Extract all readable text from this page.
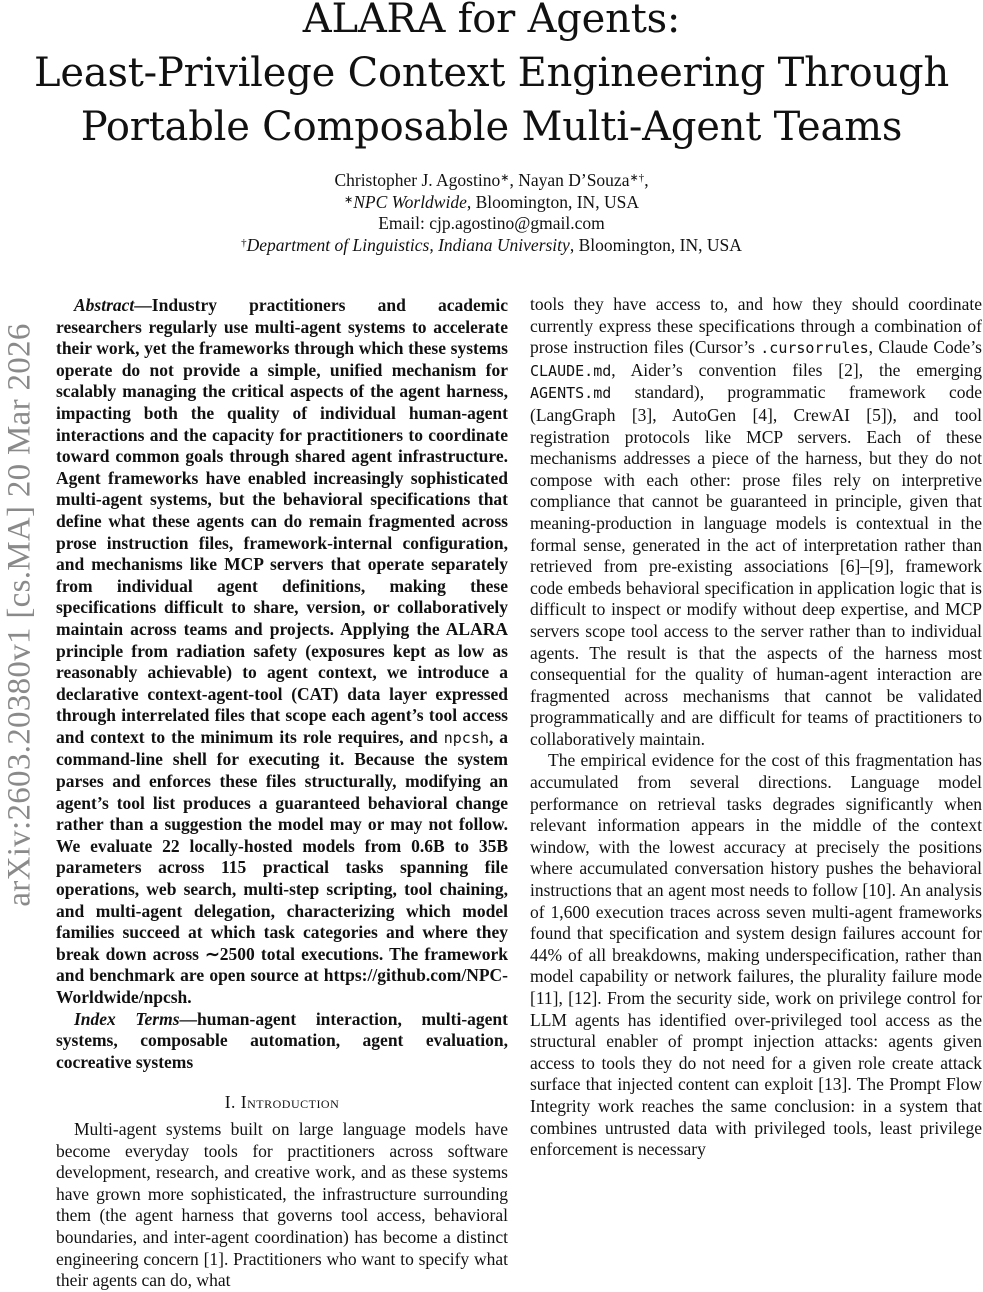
ALARA for Agents:
Least-Privilege Context Engineering Through
Portable Composable Multi-Agent Teams
Christopher J. Agostino∗, Nayan D’Souza∗†,
∗NPC Worldwide, Bloomington, IN, USA
Email: cjp.agostino@gmail.com
†Department of Linguistics, Indiana University, Bloomington, IN, USA
arXiv:2603.20380v1 [cs.MA] 20 Mar 2026

Abstract—Industry practitioners and academic researchers regularly use multi-agent systems to accelerate their work, yet the frameworks through which these systems operate do not provide a simple, unified mechanism for scalably managing the critical aspects of the agent harness, impacting both the quality of individual human-agent interactions and the capacity for practitioners to coordinate toward common goals through shared agent infrastructure. Agent frameworks have enabled increasingly sophisticated multi-agent systems, but the behavioral specifications that define what these agents can do remain fragmented across prose instruction files, framework-internal configuration, and mechanisms like MCP servers that operate separately from individual agent definitions, making these specifications difficult to share, version, or collaboratively maintain across teams and projects. Applying the ALARA principle from radiation safety (exposures kept as low as reasonably achievable) to agent context, we introduce a declarative context-agent-tool (CAT) data layer expressed through interrelated files that scope each agent’s tool access and context to the minimum its role requires, and npcsh, a command-line shell for executing it. Because the system parses and enforces these files structurally, modifying an agent’s tool list produces a guaranteed behavioral change rather than a suggestion the model may or may not follow. We evaluate 22 locally-hosted models from 0.6B to 35B parameters across 115 practical tasks spanning file operations, web search, multi-step scripting, tool chaining, and multi-agent delegation, characterizing which model families succeed at which task categories and where they break down across ∼2500 total executions. The framework and benchmark are open source at https://github.com/NPC-Worldwide/npcsh.

Index Terms—human-agent interaction, multi-agent systems, composable automation, agent evaluation, cocreative systems

I. Introduction

Multi-agent systems built on large language models have become everyday tools for practitioners across software development, research, and creative work, and as these systems have grown more sophisticated, the infrastructure surrounding them (the agent harness that governs tool access, behavioral boundaries, and inter-agent coordination) has become a distinct engineering concern [1]. Practitioners who want to specify what their agents can do, what

tools they have access to, and how they should coordinate currently express these specifications through a combination of prose instruction files (Cursor’s .cursorrules, Claude Code’s CLAUDE.md, Aider’s convention files [2], the emerging AGENTS.md standard), programmatic framework code (LangGraph [3], AutoGen [4], CrewAI [5]), and tool registration protocols like MCP servers. Each of these mechanisms addresses a piece of the harness, but they do not compose with each other: prose files rely on interpretive compliance that cannot be guaranteed in principle, given that meaning-production in language models is contextual in the formal sense, generated in the act of interpretation rather than retrieved from pre-existing associations [6]–[9], framework code embeds behavioral specification in application logic that is difficult to inspect or modify without deep expertise, and MCP servers scope tool access to the server rather than to individual agents. The result is that the aspects of the harness most consequential for the quality of human-agent interaction are fragmented across mechanisms that cannot be validated programmatically and are difficult for teams of practitioners to collaboratively maintain.

The empirical evidence for the cost of this fragmentation has accumulated from several directions. Language model performance on retrieval tasks degrades significantly when relevant information appears in the middle of the context window, with the lowest accuracy at precisely the positions where accumulated conversation history pushes the behavioral instructions that an agent most needs to follow [10]. An analysis of 1,600 execution traces across seven multi-agent frameworks found that specification and system design failures account for 44% of all breakdowns, making underspecification, rather than model capability or network failures, the plurality failure mode [11], [12]. From the security side, work on privilege control for LLM agents has identified over-privileged tool access as the structural enabler of prompt injection attacks: agents given access to tools they do not need for a given role create attack surface that injected content can exploit [13]. The Prompt Flow Integrity work reaches the same conclusion: in a system that combines untrusted data with privileged tools, least privilege enforcement is necessary
